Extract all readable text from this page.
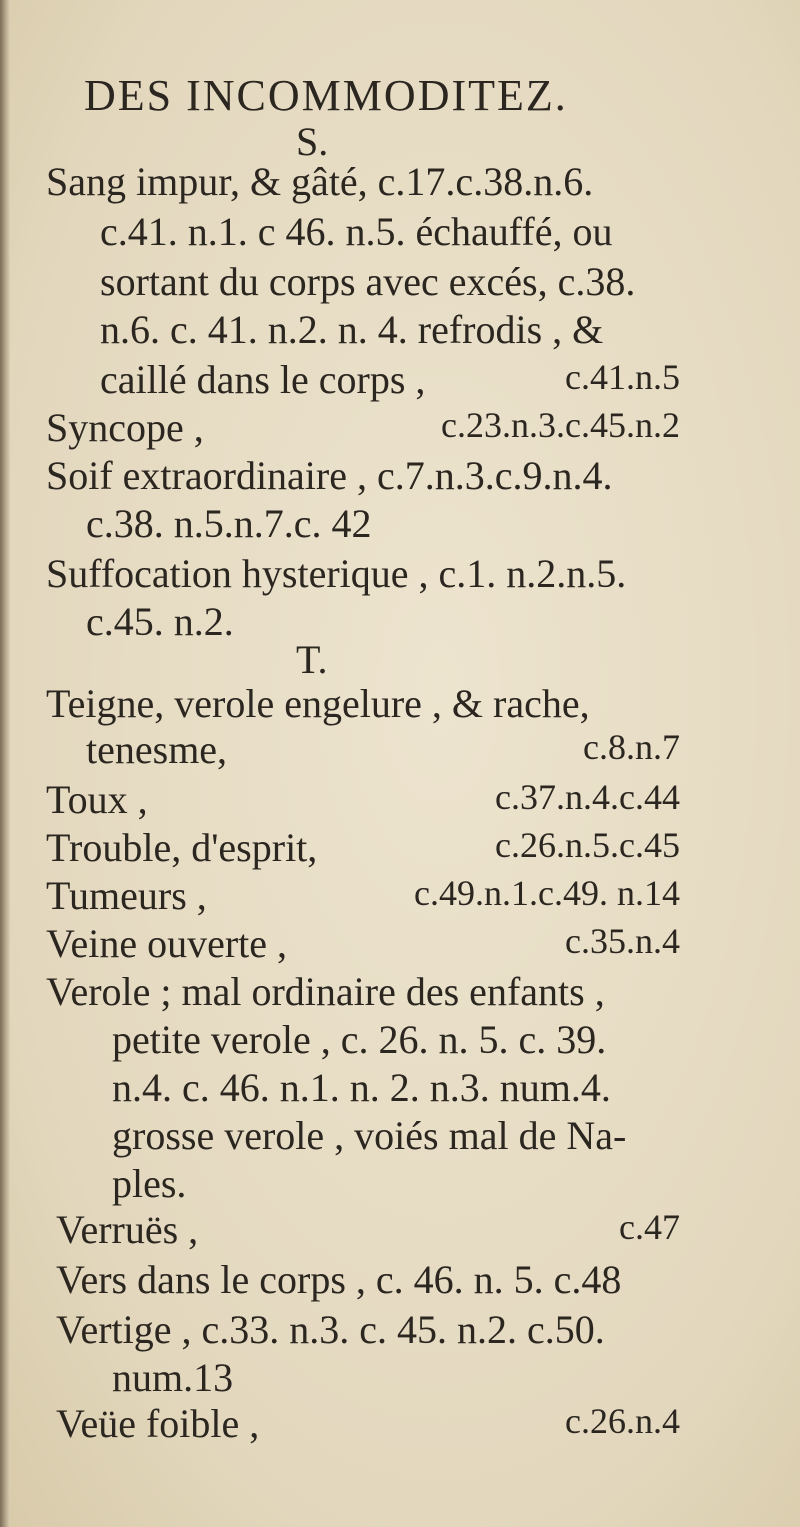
DES INCOMMODITEZ.
S.
Sang impur, & gâté, c.17.c.38.n.6.
c.41. n.1. c 46. n.5. échauffé, ou
sortant du corps avec excés, c.38.
n.6. c. 41. n.2. n. 4. refrodis , &
caillé dans le corps ,	c.41.n.5
Syncope ,	c.23.n.3.c.45.n.2
Soif extraordinaire , c.7.n.3.c.9.n.4.
c.38. n.5.n.7.c. 42
Suffocation hysterique , c.1. n.2.n.5.
c.45. n.2.
T.
Teigne, verole engelure , & rache,
tenesme,	c.8.n.7
Toux ,	c.37.n.4.c.44
Trouble, d'esprit,	c.26.n.5.c.45
Tumeurs ,	c.49.n.1.c.49. n.14
Veine ouverte ,	c.35.n.4
Verole ; mal ordinaire des enfants ,
petite verole , c. 26. n. 5. c. 39.
n.4. c. 46. n.1. n. 2. n.3. num.4.
grosse verole , voiés mal de Na-
ples.
Verruës ,	c.47
Vers dans le corps , c. 46. n. 5. c.48
Vertige , c.33. n.3. c. 45. n.2. c.50.
num.13
Veüe foible ,	c.26.n.4
